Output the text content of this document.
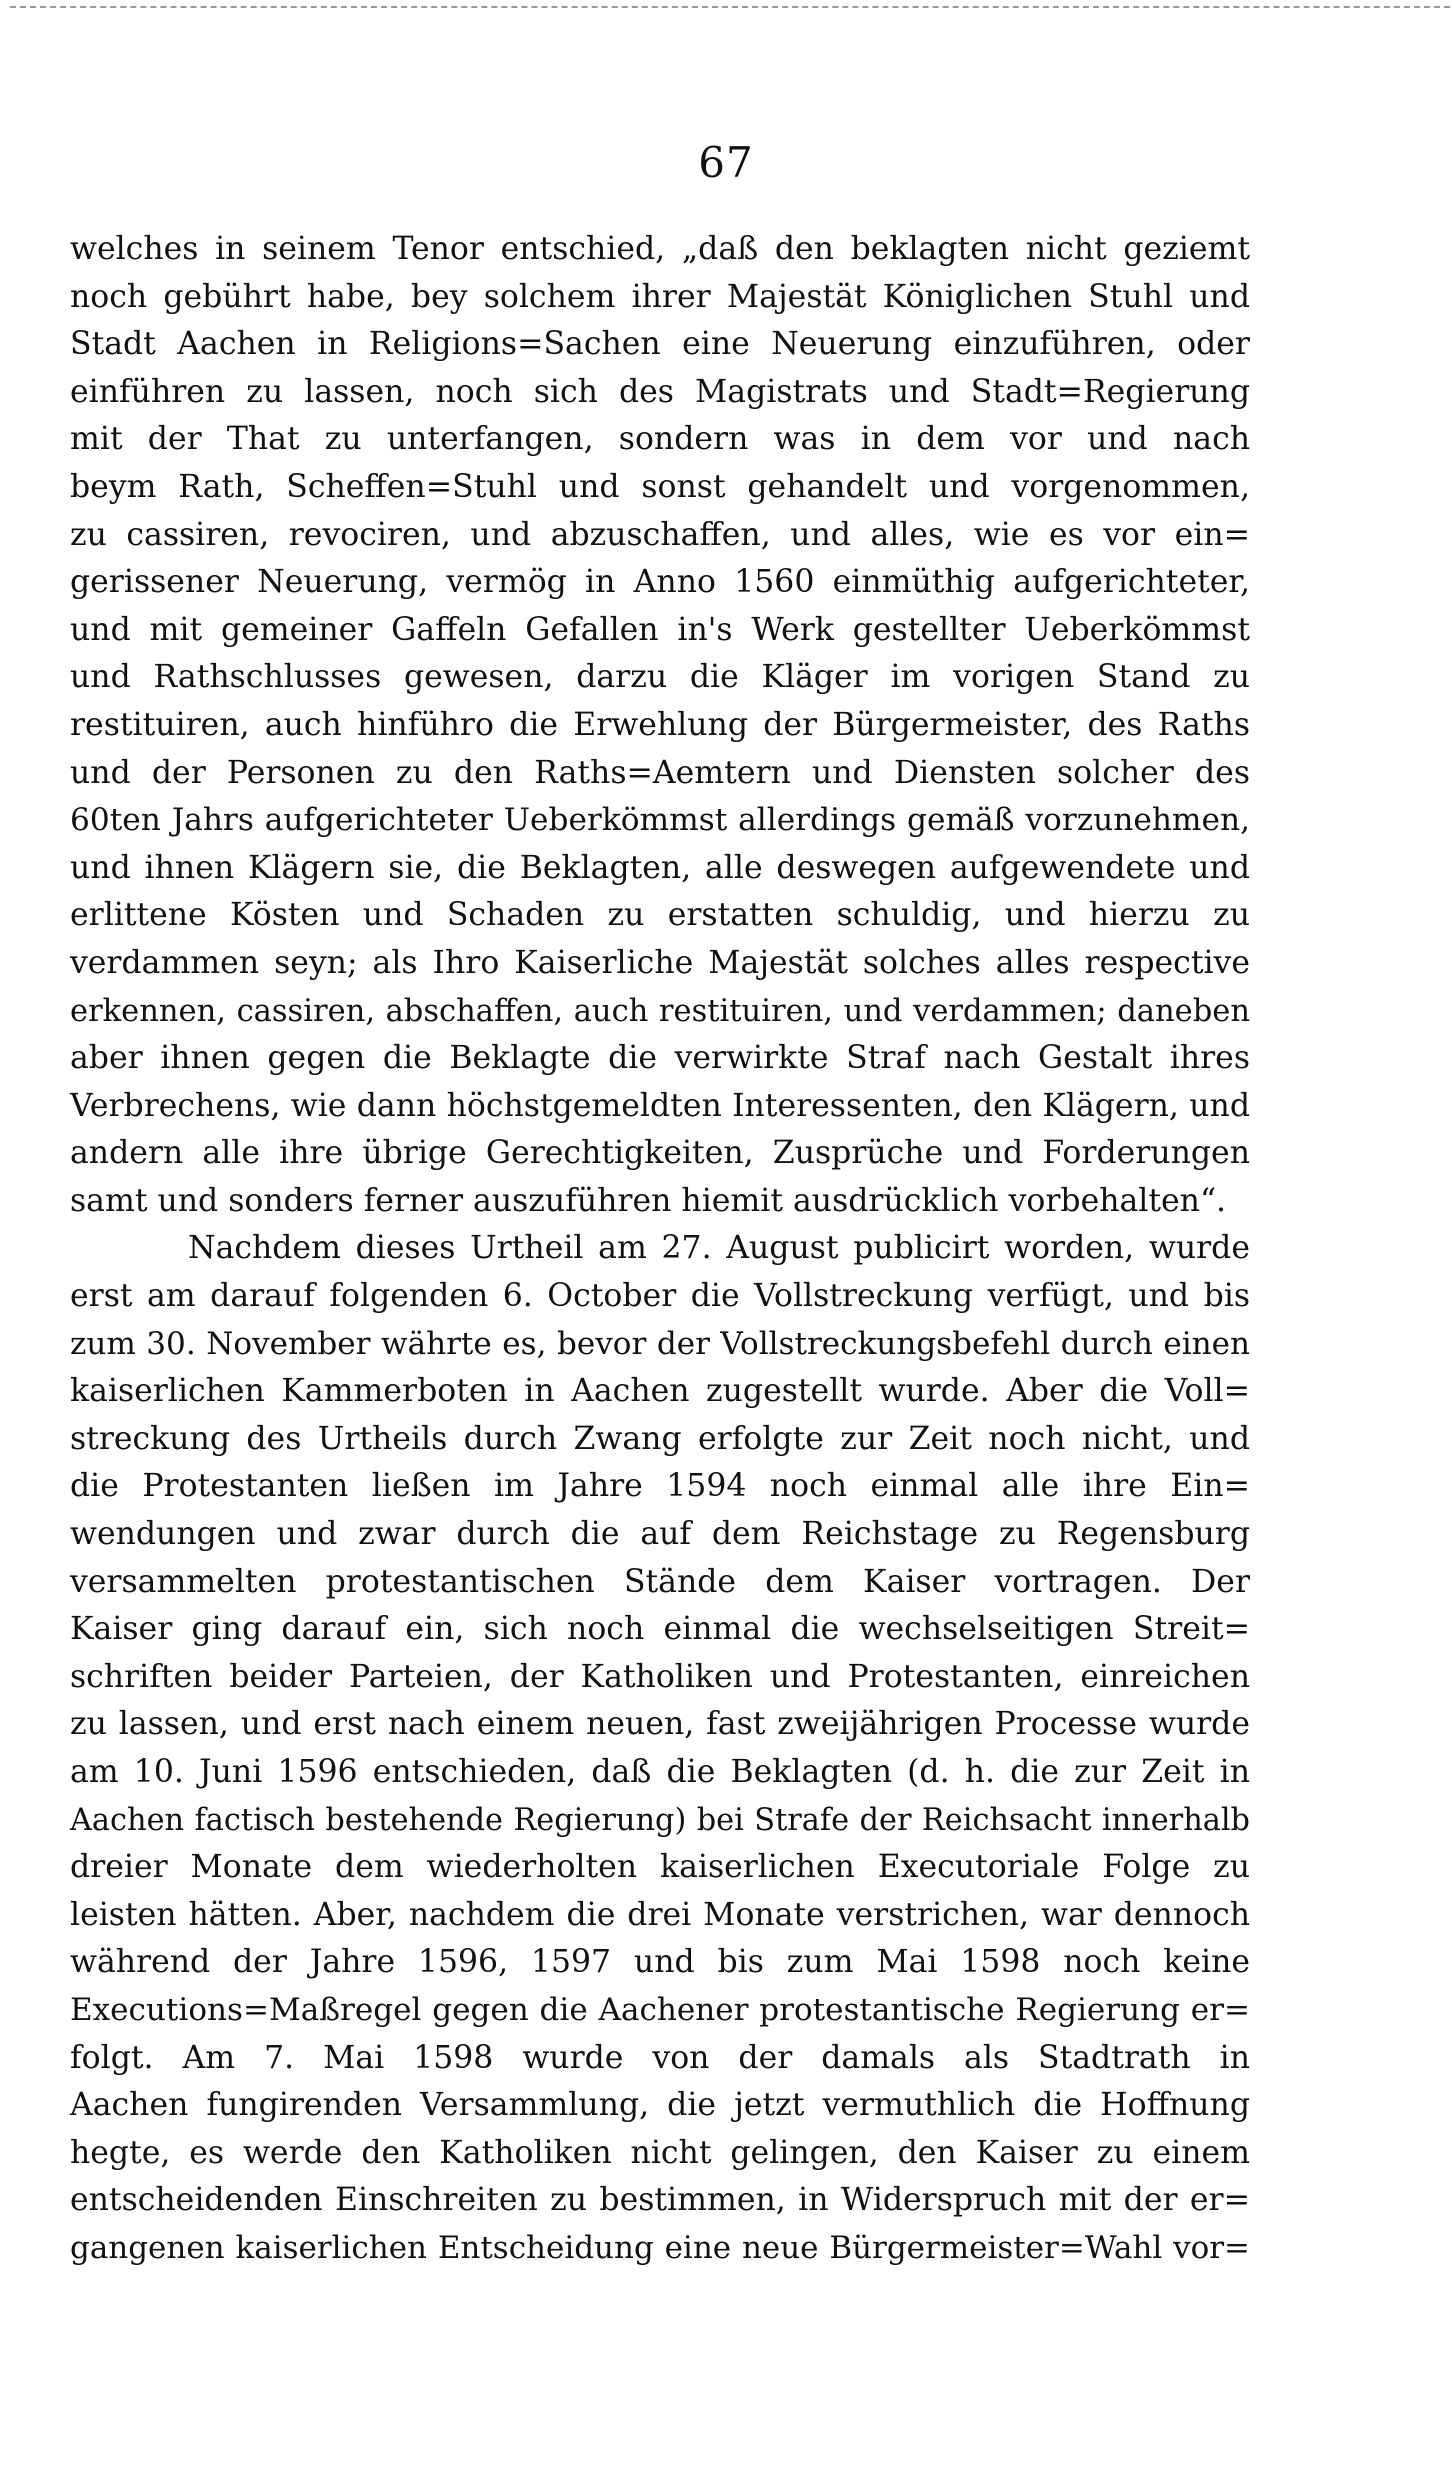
67
welches in seinem Tenor entschied, „daß den beklagten nicht geziemt
noch gebührt habe, bey solchem ihrer Majestät Königlichen Stuhl und
Stadt Aachen in Religions=Sachen eine Neuerung einzuführen, oder
einführen zu lassen, noch sich des Magistrats und Stadt=Regierung
mit der That zu unterfangen, sondern was in dem vor und nach
beym Rath, Scheffen=Stuhl und sonst gehandelt und vorgenommen,
zu cassiren, revociren, und abzuschaffen, und alles, wie es vor ein=
gerissener Neuerung, vermög in Anno 1560 einmüthig aufgerichteter,
und mit gemeiner Gaffeln Gefallen in's Werk gestellter Ueberkömmst
und Rathschlusses gewesen, darzu die Kläger im vorigen Stand zu
restituiren, auch hinführo die Erwehlung der Bürgermeister, des Raths
und der Personen zu den Raths=Aemtern und Diensten solcher des
60ten Jahrs aufgerichteter Ueberkömmst allerdings gemäß vorzunehmen,
und ihnen Klägern sie, die Beklagten, alle deswegen aufgewendete und
erlittene Kösten und Schaden zu erstatten schuldig, und hierzu zu
verdammen seyn; als Ihro Kaiserliche Majestät solches alles respective
erkennen, cassiren, abschaffen, auch restituiren, und verdammen; daneben
aber ihnen gegen die Beklagte die verwirkte Straf nach Gestalt ihres
Verbrechens, wie dann höchstgemeldten Interessenten, den Klägern, und
andern alle ihre übrige Gerechtigkeiten, Zusprüche und Forderungen
samt und sonders ferner auszuführen hiemit ausdrücklich vorbehalten“.
Nachdem dieses Urtheil am 27. August publicirt worden, wurde
erst am darauf folgenden 6. October die Vollstreckung verfügt, und bis
zum 30. November währte es, bevor der Vollstreckungsbefehl durch einen
kaiserlichen Kammerboten in Aachen zugestellt wurde. Aber die Voll=
streckung des Urtheils durch Zwang erfolgte zur Zeit noch nicht, und
die Protestanten ließen im Jahre 1594 noch einmal alle ihre Ein=
wendungen und zwar durch die auf dem Reichstage zu Regensburg
versammelten protestantischen Stände dem Kaiser vortragen. Der
Kaiser ging darauf ein, sich noch einmal die wechselseitigen Streit=
schriften beider Parteien, der Katholiken und Protestanten, einreichen
zu lassen, und erst nach einem neuen, fast zweijährigen Processe wurde
am 10. Juni 1596 entschieden, daß die Beklagten (d. h. die zur Zeit in
Aachen factisch bestehende Regierung) bei Strafe der Reichsacht innerhalb
dreier Monate dem wiederholten kaiserlichen Executoriale Folge zu
leisten hätten. Aber, nachdem die drei Monate verstrichen, war dennoch
während der Jahre 1596, 1597 und bis zum Mai 1598 noch keine
Executions=Maßregel gegen die Aachener protestantische Regierung er=
folgt. Am 7. Mai 1598 wurde von der damals als Stadtrath in
Aachen fungirenden Versammlung, die jetzt vermuthlich die Hoffnung
hegte, es werde den Katholiken nicht gelingen, den Kaiser zu einem
entscheidenden Einschreiten zu bestimmen, in Widerspruch mit der er=
gangenen kaiserlichen Entscheidung eine neue Bürgermeister=Wahl vor=
